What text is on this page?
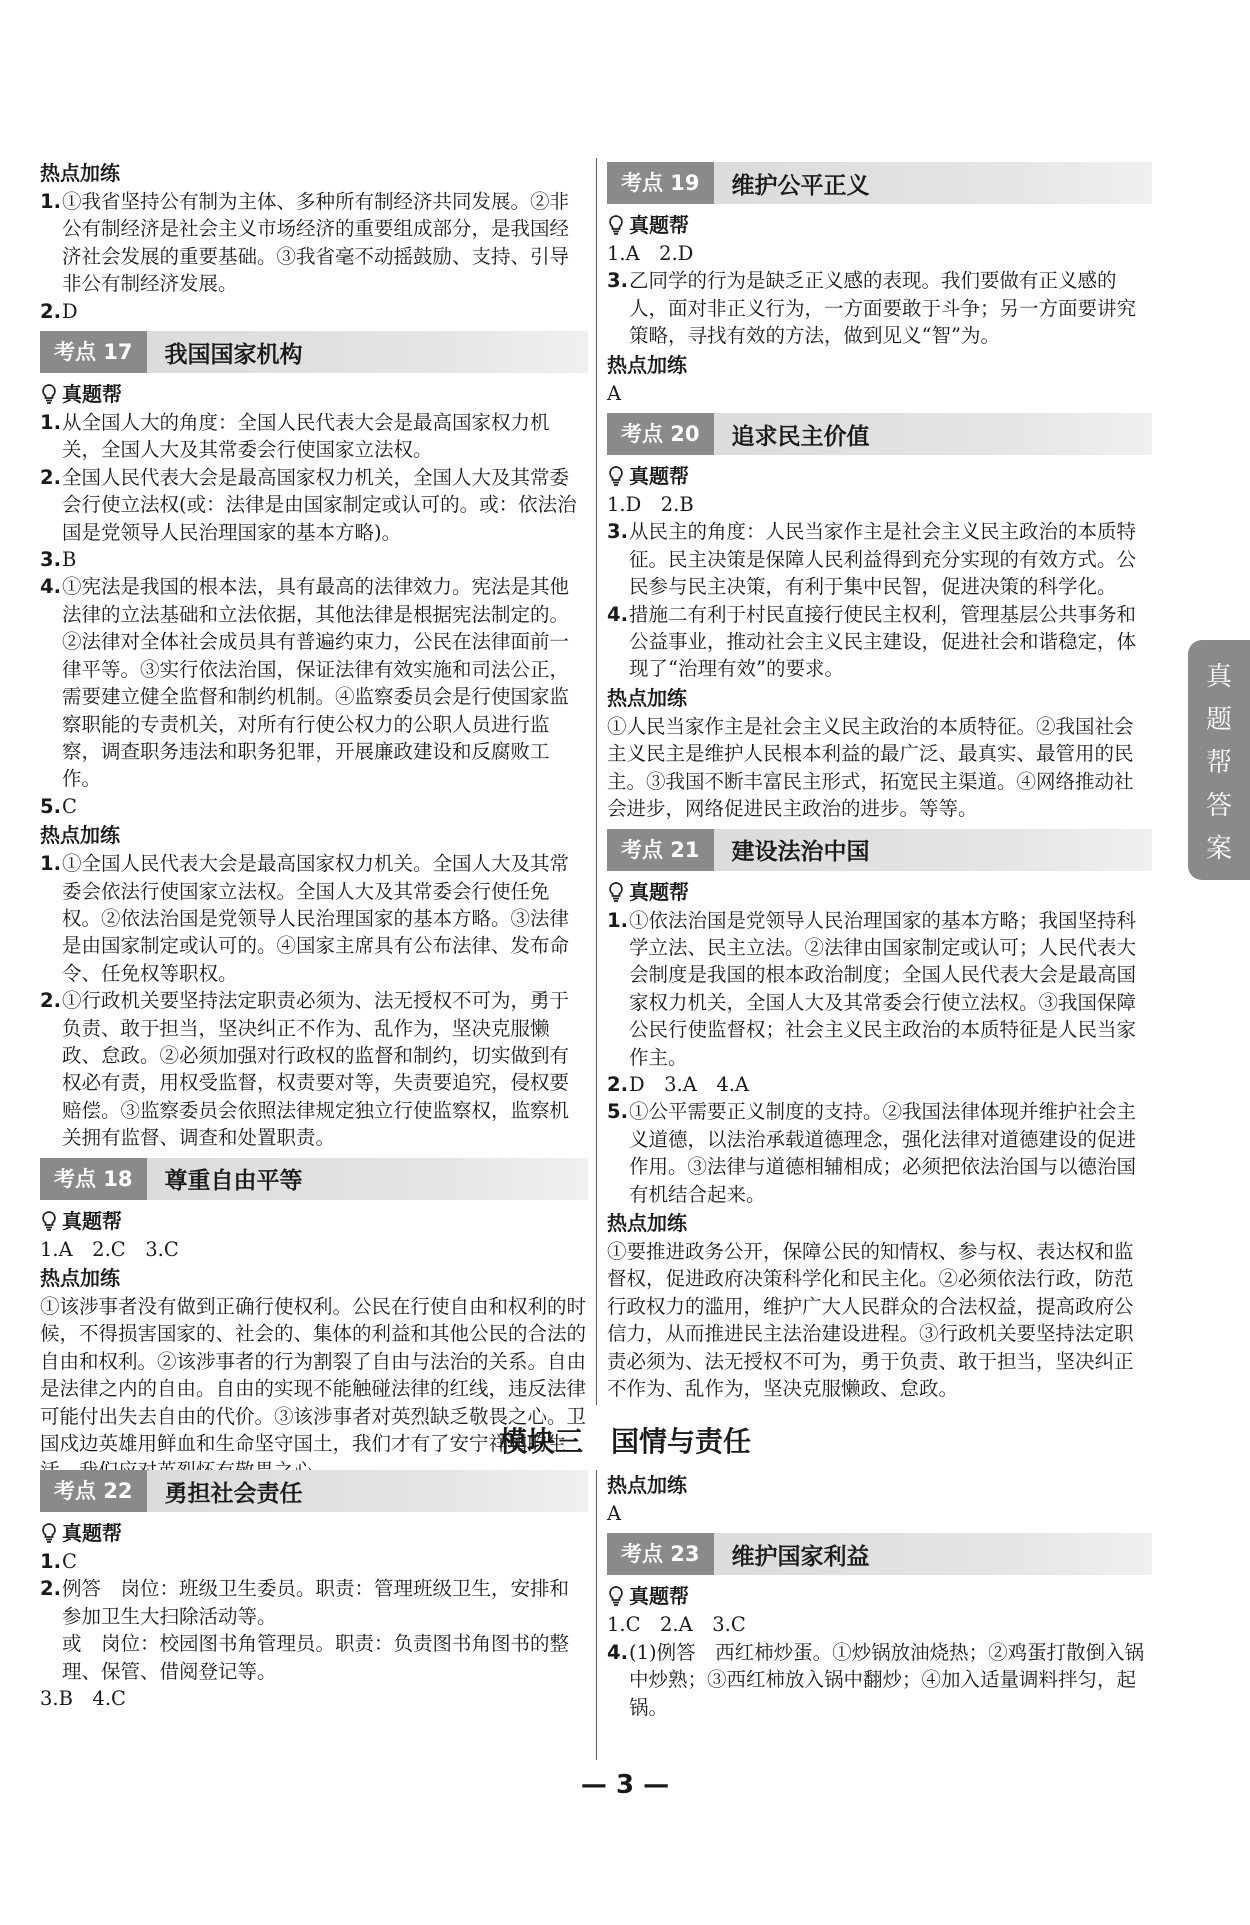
热点加练
1. ①我省坚持公有制为主体、多种所有制经济共同发展。②非公有制经济是社会主义市场经济的重要组成部分，是我国经济社会发展的重要基础。③我省毫不动摇鼓励、支持、引导非公有制经济发展。
2. D
考点 17	我国国家机构
真题帮
1. 从全国人大的角度：全国人民代表大会是最高国家权力机关，全国人大及其常委会行使国家立法权。
2. 全国人民代表大会是最高国家权力机关，全国人大及其常委会行使立法权(或：法律是由国家制定或认可的。或：依法治国是党领导人民治理国家的基本方略)。
3. B
4. ①宪法是我国的根本法，具有最高的法律效力。宪法是其他法律的立法基础和立法依据，其他法律是根据宪法制定的。②法律对全体社会成员具有普遍约束力，公民在法律面前一律平等。③实行依法治国，保证法律有效实施和司法公正，需要建立健全监督和制约机制。④监察委员会是行使国家监察职能的专责机关，对所有行使公权力的公职人员进行监察，调查职务违法和职务犯罪，开展廉政建设和反腐败工作。
5. C
热点加练
1. ①全国人民代表大会是最高国家权力机关。全国人大及其常委会依法行使国家立法权。全国人大及其常委会行使任免权。②依法治国是党领导人民治理国家的基本方略。③法律是由国家制定或认可的。④国家主席具有公布法律、发布命令、任免权等职权。
2. ①行政机关要坚持法定职责必须为、法无授权不可为，勇于负责、敢于担当，坚决纠正不作为、乱作为，坚决克服懒政、怠政。②必须加强对行政权的监督和制约，切实做到有权必有责，用权受监督，权责要对等，失责要追究，侵权要赔偿。③监察委员会依照法律规定独立行使监察权，监察机关拥有监督、调查和处置职责。
考点 18	尊重自由平等
真题帮
1.A　2.C　3.C
热点加练
①该涉事者没有做到正确行使权利。公民在行使自由和权利的时候，不得损害国家的、社会的、集体的利益和其他公民的合法的自由和权利。②该涉事者的行为割裂了自由与法治的关系。自由是法律之内的自由。自由的实现不能触碰法律的红线，违反法律可能付出失去自由的代价。③该涉事者对英烈缺乏敬畏之心。卫国戍边英雄用鲜血和生命坚守国土，我们才有了安宁祥和的生
考点 19	维护公平正义
真题帮
1.A　2.D
3. 乙同学的行为是缺乏正义感的表现。我们要做有正义感的人，面对非正义行为，一方面要敢于斗争；另一方面要讲究策略，寻找有效的方法，做到见义“智”为。
热点加练
A
考点 20	追求民主价值
真题帮
1.D　2.B
3. 从民主的角度：人民当家作主是社会主义民主政治的本质特征。民主决策是保障人民利益得到充分实现的有效方式。公民参与民主决策，有利于集中民智，促进决策的科学化。
4. 措施二有利于村民直接行使民主权利，管理基层公共事务和公益事业，推动社会主义民主建设，促进社会和谐稳定，体现了“治理有效”的要求。
热点加练
①人民当家作主是社会主义民主政治的本质特征。②我国社会主义民主是维护人民根本利益的最广泛、最真实、最管用的民主。③我国不断丰富民主形式，拓宽民主渠道。④网络推动社会进步，网络促进民主政治的进步。等等。
考点 21	建设法治中国
真题帮
1. ①依法治国是党领导人民治理国家的基本方略；我国坚持科学立法、民主立法。②法律由国家制定或认可；人民代表大会制度是我国的根本政治制度；全国人民代表大会是最高国家权力机关，全国人大及其常委会行使立法权。③我国保障公民行使监督权；社会主义民主政治的本质特征是人民当家作主。
2. D　3.A　4.A
5. ①公平需要正义制度的支持。②我国法律体现并维护社会主义道德，以法治承载道德理念，强化法律对道德建设的促进作用。③法律与道德相辅相成；必须把依法治国与以德治国有机结合起来。
热点加练
①要推进政务公开，保障公民的知情权、参与权、表达权和监督权，促进政府决策科学化和民主化。②必须依法行政，防范行政权力的滥用，维护广大人民群众的合法权益，提高政府公信力，从而推进民主法治建设进程。③行政机关要坚持法定职责必须为、法无授权不可为，勇于负责、敢于担当，坚决纠正不作为、乱作为，坚决克服懒政、怠政。
模块三　国情与责任
考点 22	勇担社会责任
真题帮
1. C
2. 例答　岗位：班级卫生委员。职责：管理班级卫生，安排和参加卫生大扫除活动等。
或　岗位：校园图书角管理员。职责：负责图书角图书的整理、保管、借阅登记等。
3.B　4.C
热点加练
A
考点 23	维护国家利益
真题帮
1.C　2.A　3.C
4. (1)例答　西红柿炒蛋。①炒锅放油烧热；②鸡蛋打散倒入锅中炒熟；③西红柿放入锅中翻炒；④加入适量调料拌匀，起锅。
真
题
帮
答
案
— 3 —
